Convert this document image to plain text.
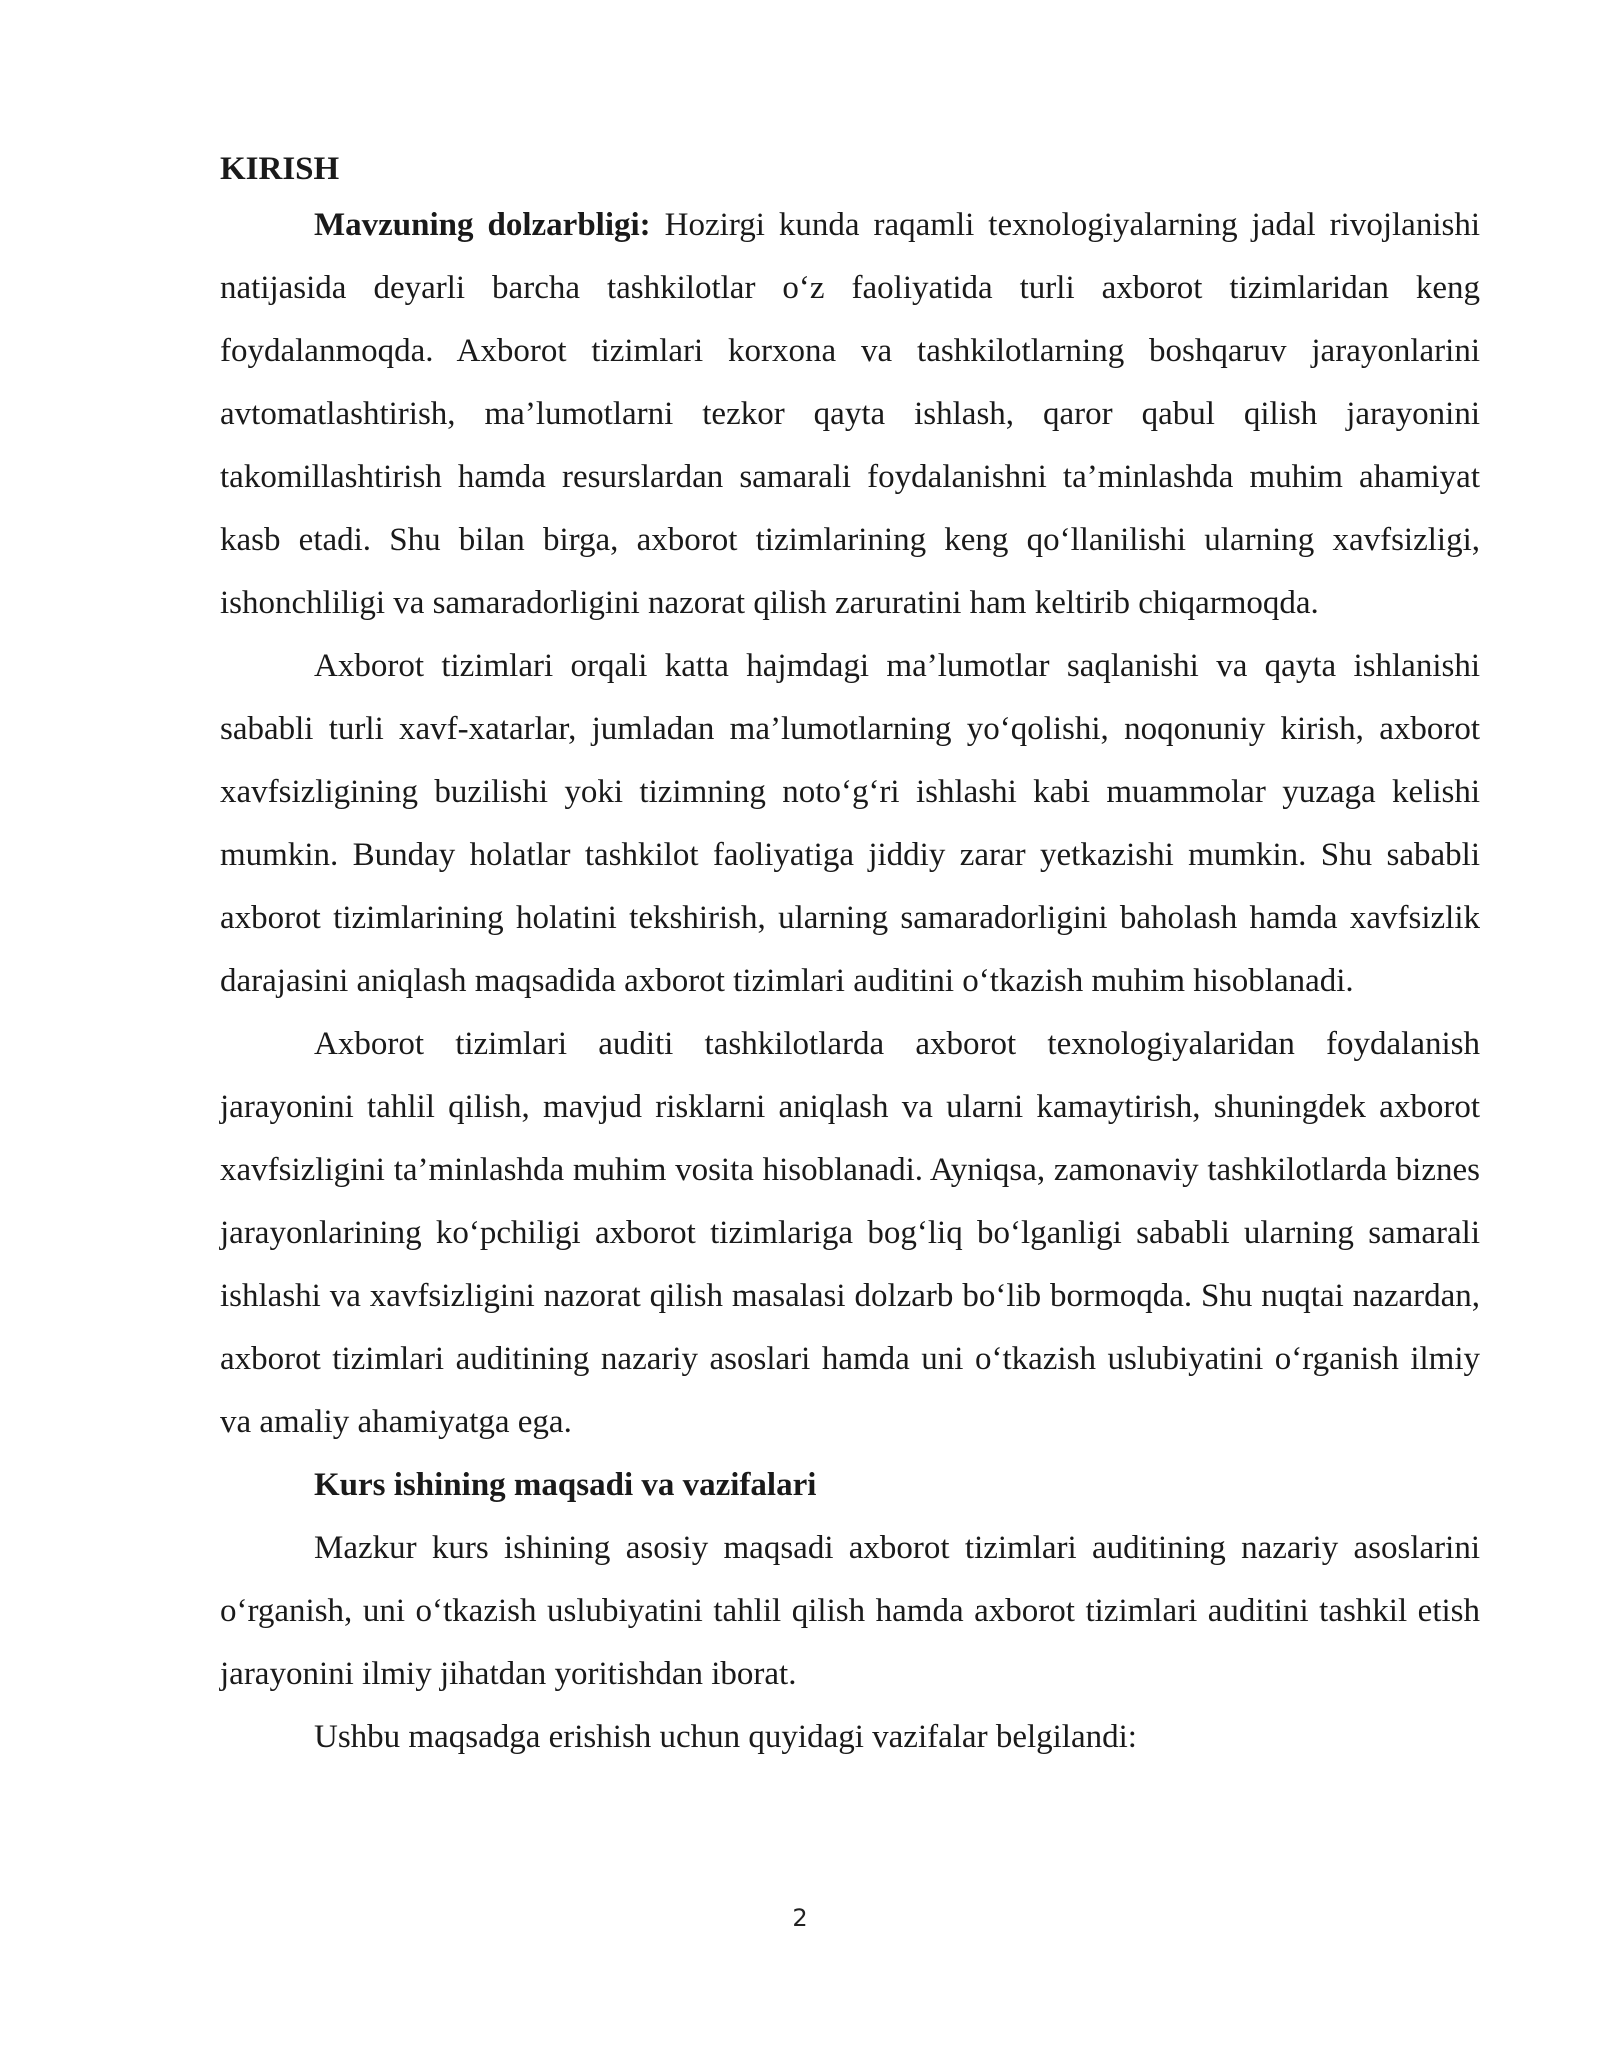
KIRISH

Mavzuning dolzarbligi: Hozirgi kunda raqamli texnologiyalarning jadal rivojlanishi natijasida deyarli barcha tashkilotlar o‘z faoliyatida turli axborot tizimlaridan keng foydalanmoqda. Axborot tizimlari korxona va tashkilotlarning boshqaruv jarayonlarini avtomatlashtirish, ma’lumotlarni tezkor qayta ishlash, qaror qabul qilish jarayonini takomillashtirish hamda resurslardan samarali foydalanishni ta’minlashda muhim ahamiyat kasb etadi. Shu bilan birga, axborot tizimlarining keng qo‘llanilishi ularning xavfsizligi, ishonchliligi va samaradorligini nazorat qilish zaruratini ham keltirib chiqarmoqda.

Axborot tizimlari orqali katta hajmdagi ma’lumotlar saqlanishi va qayta ishlanishi sababli turli xavf-xatarlar, jumladan ma’lumotlarning yo‘qolishi, noqonuniy kirish, axborot xavfsizligining buzilishi yoki tizimning noto‘g‘ri ishlashi kabi muammolar yuzaga kelishi mumkin. Bunday holatlar tashkilot faoliyatiga jiddiy zarar yetkazishi mumkin. Shu sababli axborot tizimlarining holatini tekshirish, ularning samaradorligini baholash hamda xavfsizlik darajasini aniqlash maqsadida axborot tizimlari auditini o‘tkazish muhim hisoblanadi.

Axborot tizimlari auditi tashkilotlarda axborot texnologiyalaridan foydalanish jarayonini tahlil qilish, mavjud risklarni aniqlash va ularni kamaytirish, shuningdek axborot xavfsizligini ta’minlashda muhim vosita hisoblanadi. Ayniqsa, zamonaviy tashkilotlarda biznes jarayonlarining ko‘pchiligi axborot tizimlariga bog‘liq bo‘lganligi sababli ularning samarali ishlashi va xavfsizligini nazorat qilish masalasi dolzarb bo‘lib bormoqda. Shu nuqtai nazardan, axborot tizimlari auditining nazariy asoslari hamda uni o‘tkazish uslubiyatini o‘rganish ilmiy va amaliy ahamiyatga ega.

Kurs ishining maqsadi va vazifalari

Mazkur kurs ishining asosiy maqsadi axborot tizimlari auditining nazariy asoslarini o‘rganish, uni o‘tkazish uslubiyatini tahlil qilish hamda axborot tizimlari auditini tashkil etish jarayonini ilmiy jihatdan yoritishdan iborat.

Ushbu maqsadga erishish uchun quyidagi vazifalar belgilandi:

2
